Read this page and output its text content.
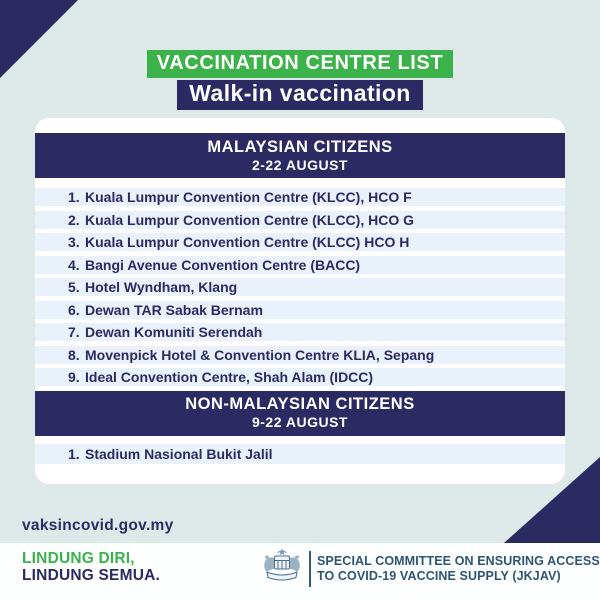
VACCINATION CENTRE LIST
Walk-in vaccination
MALAYSIAN CITIZENS
2-22 AUGUST
1. Kuala Lumpur Convention Centre (KLCC), HCO F
2. Kuala Lumpur Convention Centre (KLCC), HCO G
3. Kuala Lumpur Convention Centre (KLCC) HCO H
4. Bangi Avenue Convention Centre (BACC)
5. Hotel Wyndham, Klang
6. Dewan TAR Sabak Bernam
7. Dewan Komuniti Serendah
8. Movenpick Hotel & Convention Centre KLIA, Sepang
9. Ideal Convention Centre, Shah Alam (IDCC)
NON-MALAYSIAN CITIZENS
9-22 AUGUST
1. Stadium Nasional Bukit Jalil
vaksincovid.gov.my
LINDUNG DIRI,
LINDUNG SEMUA.
SPECIAL COMMITTEE ON ENSURING ACCESS
TO COVID-19 VACCINE SUPPLY (JKJAV)
